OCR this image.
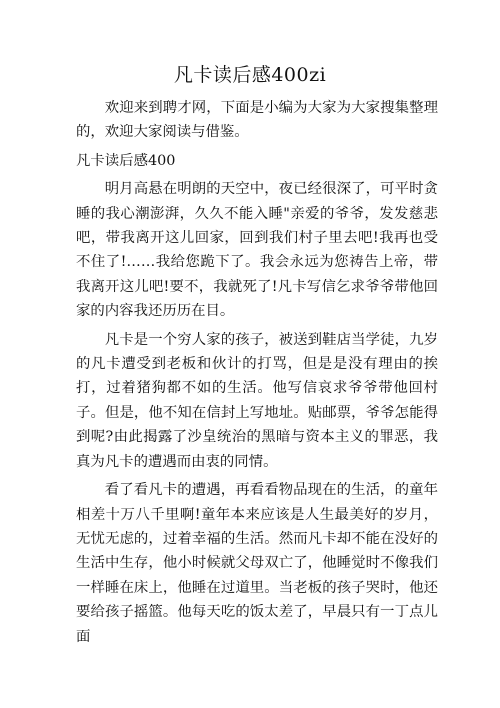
凡卡读后感400zi

欢迎来到聘才网，下面是小编为大家为大家搜集整理的，欢迎大家阅读与借鉴。

凡卡读后感400

明月高悬在明朗的天空中，夜已经很深了，可平时贪睡的我心潮澎湃，久久不能入睡"亲爱的爷爷，发发慈悲吧，带我离开这儿回家，回到我们村子里去吧!我再也受不住了!……我给您跪下了。我会永远为您祷告上帝，带我离开这儿吧!要不，我就死了!凡卡写信乞求爷爷带他回家的内容我还历历在目。

凡卡是一个穷人家的孩子，被送到鞋店当学徒，九岁的凡卡遭受到老板和伙计的打骂，但是是没有理由的挨打，过着猪狗都不如的生活。他写信哀求爷爷带他回村子。但是，他不知在信封上写地址。贴邮票，爷爷怎能得到呢?由此揭露了沙皇统治的黑暗与资本主义的罪恶，我真为凡卡的遭遇而由衷的同情。

看了看凡卡的遭遇，再看看物品现在的生活，的童年相差十万八千里啊!童年本来应该是人生最美好的岁月，无忧无虑的，过着幸福的生活。然而凡卡却不能在没好的生活中生存，他小时候就父母双亡了，他睡觉时不像我们一样睡在床上，他睡在过道里。当老板的孩子哭时，他还要给孩子摇篮。他每天吃的饭太差了，早晨只有一丁点儿面
